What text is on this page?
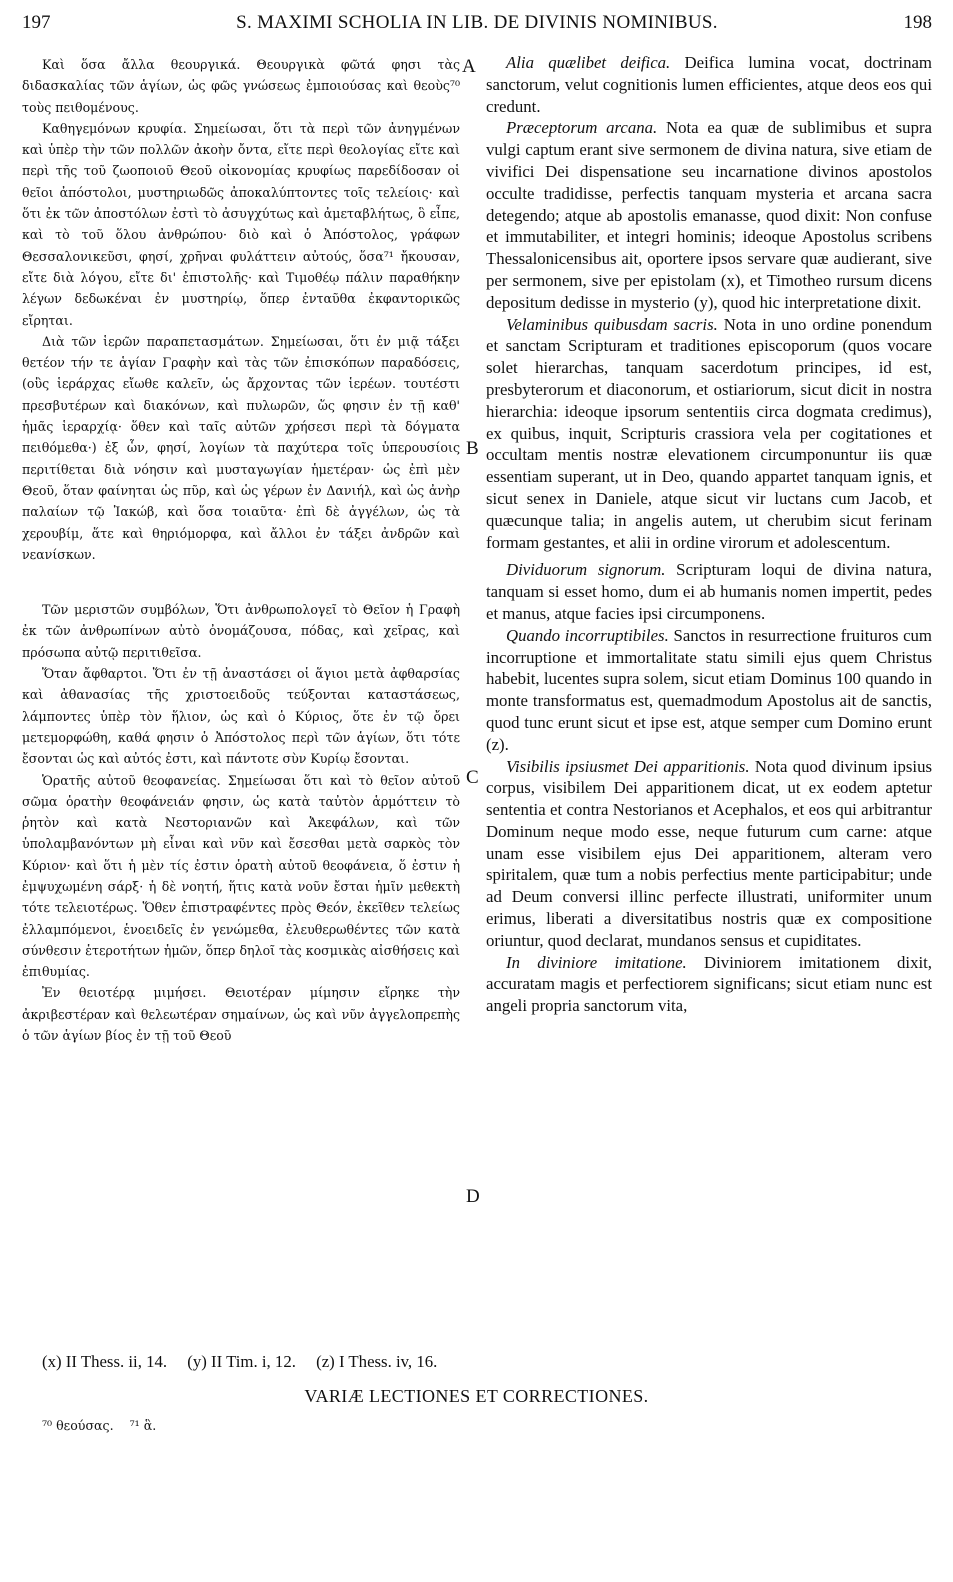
197	S. MAXIMI SCHOLIA IN LIB. DE DIVINIS NOMINIBUS.	198
A
B
C
D

Καὶ ὅσα ἄλλα θεουργικά. Θεουργικὰ φῶτά φησι τὰς διδασκαλίας τῶν ἁγίων, ὡς φῶς γνώσεως ἐμποιούσας καὶ θεοὺς⁷⁰ τοὺς πειθομένους.

Καθηγεμόνων κρυφία. Σημείωσαι, ὅτι τὰ περὶ τῶν ἀνηγμένων καὶ ὑπὲρ τὴν τῶν πολλῶν ἀκοὴν ὄντα, εἴτε περὶ θεολογίας εἴτε καὶ περὶ τῆς τοῦ ζωοποιοῦ Θεοῦ οἰκονομίας κρυφίως παρεδίδοσαν οἱ θεῖοι ἀπόστολοι, μυστηριωδῶς ἀποκαλύπτοντες τοῖς τελείοις· καὶ ὅτι ἐκ τῶν ἀποστόλων ἐστὶ τὸ ἀσυγχύτως καὶ ἀμεταβλήτως, ὃ εἶπε, καὶ τὸ τοῦ ὅλου ἀνθρώπου· διὸ καὶ ὁ Ἀπόστολος, γράφων Θεσσαλονικεῦσι, φησί, χρῆναι φυλάττειν αὐτούς, ὅσα⁷¹ ἤκουσαν, εἴτε διὰ λόγου, εἴτε δι' ἐπιστολῆς· καὶ Τιμοθέῳ πάλιν παραθήκην λέγων δεδωκέναι ἐν μυστηρίῳ, ὅπερ ἐνταῦθα ἐκφαντορικῶς εἴρηται.

Διὰ τῶν ἱερῶν παραπετασμάτων. Σημείωσαι, ὅτι ἐν μιᾷ τάξει θετέον τήν τε ἁγίαν Γραφὴν καὶ τὰς τῶν ἐπισκόπων παραδόσεις, (οὓς ἱεράρχας εἴωθε καλεῖν, ὡς ἄρχοντας τῶν ἱερέων. τουτέστι πρεσβυτέρων καὶ διακόνων, καὶ πυλωρῶν, ὥς φησιν ἐν τῇ καθ' ἡμᾶς ἱεραρχίᾳ· ὅθεν καὶ ταῖς αὐτῶν χρήσεσι περὶ τὰ δόγματα πειθόμεθα·) ἐξ ὧν, φησί, λογίων τὰ παχύτερα τοῖς ὑπερουσίοις περιτίθεται διὰ νόησιν καὶ μυσταγωγίαν ἡμετέραν· ὡς ἐπὶ μὲν Θεοῦ, ὅταν φαίνηται ὡς πῦρ, καὶ ὡς γέρων ἐν Δανιήλ, καὶ ὡς ἀνὴρ παλαίων τῷ Ἰακώβ, καὶ ὅσα τοιαῦτα· ἐπὶ δὲ ἀγγέλων, ὡς τὰ χερουβίμ, ἅτε καὶ θηριόμορφα, καὶ ἄλλοι ἐν τάξει ἀνδρῶν καὶ νεανίσκων.

Τῶν μεριστῶν συμβόλων, Ὅτι ἀνθρωπολογεῖ τὸ Θεῖον ἡ Γραφὴ ἐκ τῶν ἀνθρωπίνων αὐτὸ ὀνομάζουσα, πόδας, καὶ χεῖρας, καὶ πρόσωπα αὐτῷ περιτιθεῖσα.

Ὅταν ἄφθαρτοι. Ὅτι ἐν τῇ ἀναστάσει οἱ ἅγιοι μετὰ ἀφθαρσίας καὶ ἀθανασίας τῆς χριστοειδοῦς τεύξονται καταστάσεως, λάμποντες ὑπὲρ τὸν ἥλιον, ὡς καὶ ὁ Κύριος, ὅτε ἐν τῷ ὄρει μετεμορφώθη, καθά φησιν ὁ Ἀπόστολος περὶ τῶν ἁγίων, ὅτι τότε ἔσονται ὡς καὶ αὐτός ἐστι, καὶ πάντοτε σὺν Κυρίῳ ἔσονται.

Ὁρατῆς αὐτοῦ θεοφανείας. Σημείωσαι ὅτι καὶ τὸ θεῖον αὐτοῦ σῶμα ὁρατὴν θεοφάνειάν φησιν, ὡς κατὰ ταὐτὸν ἁρμόττειν τὸ ῥητὸν καὶ κατὰ Νεστοριανῶν καὶ Ἀκεφάλων, καὶ τῶν ὑπολαμβανόντων μὴ εἶναι καὶ νῦν καὶ ἔσεσθαι μετὰ σαρκὸς τὸν Κύριον· καὶ ὅτι ἡ μὲν τίς ἐστιν ὁρατὴ αὐτοῦ θεοφάνεια, ὅ ἐστιν ἡ ἐμψυχωμένη σάρξ· ἡ δὲ νοητή, ἥτις κατὰ νοῦν ἔσται ἡμῖν μεθεκτὴ τότε τελειοτέρως. Ὅθεν ἐπιστραφέντες πρὸς Θεόν, ἐκεῖθεν τελείως ἐλλαμπόμενοι, ἑνοειδεῖς ἐν γενώμεθα, ἐλευθερωθέντες τῶν κατὰ σύνθεσιν ἑτεροτήτων ἡμῶν, ὅπερ δηλοῖ τὰς κοσμικὰς αἰσθήσεις καὶ ἐπιθυμίας.

Ἐν θειοτέρᾳ μιμήσει. Θειοτέραν μίμησιν εἴρηκε τὴν ἀκριβεστέραν καὶ θελεωτέραν σημαίνων, ὡς καὶ νῦν ἀγγελοπρεπὴς ὁ τῶν ἁγίων βίος ἐν τῇ τοῦ Θεοῦ

Alia quælibet deifica. Deifica lumina vocat, doctrinam sanctorum, velut cognitionis lumen efficientes, atque deos eos qui credunt.

Præceptorum arcana. Nota ea quæ de sublimibus et supra vulgi captum erant sive sermonem de divina natura, sive etiam de vivifici Dei dispensatione seu incarnatione divinos apostolos occulte tradidisse, perfectis tanquam mysteria et arcana sacra detegendo; atque ab apostolis emanasse, quod dixit: Non confuse et immutabiliter, et integri hominis; ideoque Apostolus scribens Thessalonicensibus ait, oportere ipsos servare quæ audierant, sive per sermonem, sive per epistolam (x), et Timotheo rursum dicens depositum dedisse in mysterio (y), quod hic interpretatione dixit.

Velaminibus quibusdam sacris. Nota in uno ordine ponendum et sanctam Scripturam et traditiones episcoporum (quos vocare solet hierarchas, tanquam sacerdotum principes, id est, presbyterorum et diaconorum, et ostiariorum, sicut dicit in nostra hierarchia: ideoque ipsorum sententiis circa dogmata credimus), ex quibus, inquit, Scripturis crassiora vela per cogitationes et occultam mentis nostræ elevationem circumponuntur iis quæ essentiam superant, ut in Deo, quando appartet tanquam ignis, et sicut senex in Daniele, atque sicut vir luctans cum Jacob, et quæcunque talia; in angelis autem, ut cherubim sicut ferinam formam gestantes, et alii in ordine virorum et adolescentum.

Dividuorum signorum. Scripturam loqui de divina natura, tanquam si esset homo, dum ei ab humanis nomen impertit, pedes et manus, atque facies ipsi circumponens.

Quando incorruptibiles. Sanctos in resurrectione fruituros cum incorruptione et immortalitate statu simili ejus quem Christus habebit, lucentes supra solem, sicut etiam Dominus 100 quando in monte transformatus est, quemadmodum Apostolus ait de sanctis, quod tunc erunt sicut et ipse est, atque semper cum Domino erunt (z).

Visibilis ipsiusmet Dei apparitionis. Nota quod divinum ipsius corpus, visibilem Dei apparitionem dicat, ut ex eodem aptetur sententia et contra Nestorianos et Acephalos, et eos qui arbitrantur Dominum neque modo esse, neque futurum cum carne: atque unam esse visibilem ejus Dei apparitionem, alteram vero spiritalem, quæ tum a nobis perfectius mente participabitur; unde ad Deum conversi illinc perfecte illustrati, uniformiter unum erimus, liberati a diversitatibus nostris quæ ex compositione oriuntur, quod declarat, mundanos sensus et cupiditates.

In diviniore imitatione. Diviniorem imitationem dixit, accuratam magis et perfectiorem significans; sicut etiam nunc est angeli propria sanctorum vita,

(x) II Thess. ii, 14. (y) II Tim. i, 12. (z) I Thess. iv, 16.
VARIÆ LECTIONES ET CORRECTIONES.
⁷⁰ θεούσας. ⁷¹ ἃ.
